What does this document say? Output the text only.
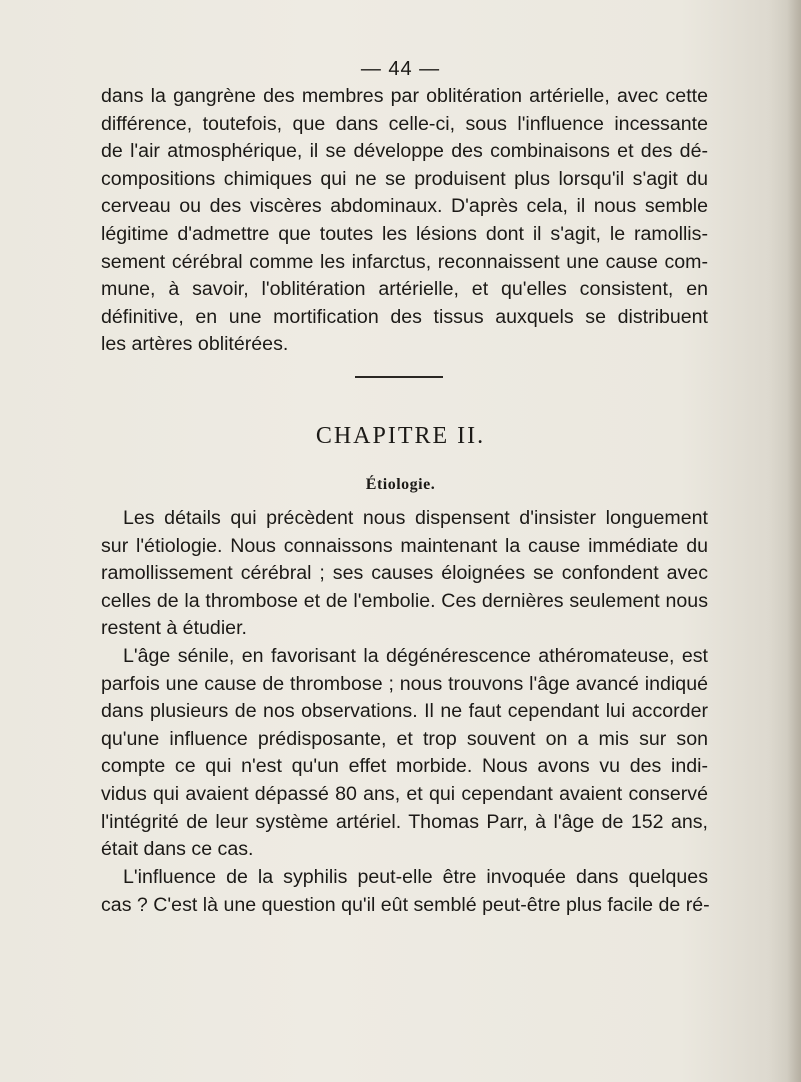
— 44 —

dans la gangrène des membres par oblitération artérielle, avec cette
différence, toutefois, que dans celle-ci, sous l'influence incessante
de l'air atmosphérique, il se développe des combinaisons et des dé-
compositions chimiques qui ne se produisent plus lorsqu'il s'agit du
cerveau ou des viscères abdominaux. D'après cela, il nous semble
légitime d'admettre que toutes les lésions dont il s'agit, le ramollis-
sement cérébral comme les infarctus, reconnaissent une cause com-
mune, à savoir, l'oblitération artérielle, et qu'elles consistent, en
définitive, en une mortification des tissus auxquels se distribuent
les artères oblitérées.

CHAPITRE II.
Étiologie.

Les détails qui précèdent nous dispensent d'insister longuement
sur l'étiologie. Nous connaissons maintenant la cause immédiate du
ramollissement cérébral ; ses causes éloignées se confondent avec
celles de la thrombose et de l'embolie. Ces dernières seulement nous
restent à étudier.

L'âge sénile, en favorisant la dégénérescence athéromateuse, est
parfois une cause de thrombose ; nous trouvons l'âge avancé indiqué
dans plusieurs de nos observations. Il ne faut cependant lui accorder
qu'une influence prédisposante, et trop souvent on a mis sur son
compte ce qui n'est qu'un effet morbide. Nous avons vu des indi-
vidus qui avaient dépassé 80 ans, et qui cependant avaient conservé
l'intégrité de leur système artériel. Thomas Parr, à l'âge de 152 ans,
était dans ce cas.

L'influence de la syphilis peut-elle être invoquée dans quelques
cas ? C'est là une question qu'il eût semblé peut-être plus facile de ré-
